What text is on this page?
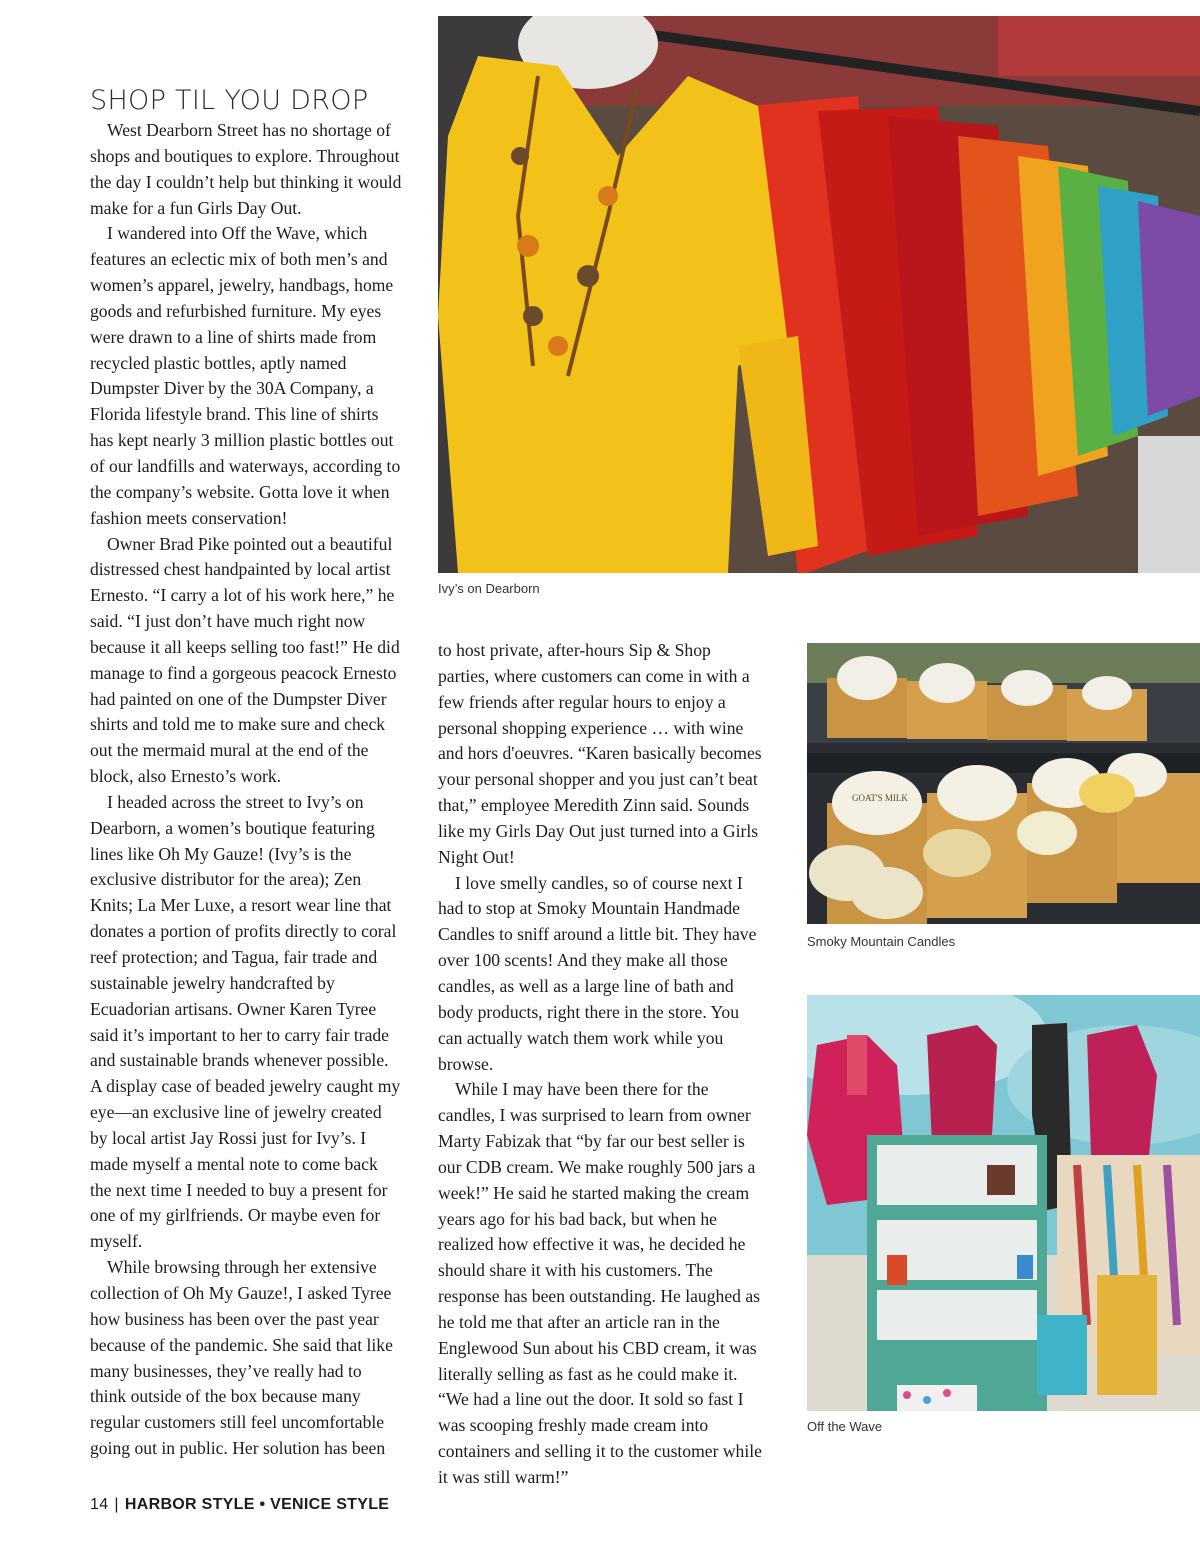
SHOP TIL YOU DROP

West Dearborn Street has no shortage of shops and boutiques to explore. Throughout the day I couldn’t help but thinking it would make for a fun Girls Day Out.

I wandered into Off the Wave, which features an eclectic mix of both men’s and women’s apparel, jewelry, handbags, home goods and refurbished furniture. My eyes were drawn to a line of shirts made from recycled plastic bottles, aptly named Dumpster Diver by the 30A Company, a Florida lifestyle brand. This line of shirts has kept nearly 3 million plastic bottles out of our landfills and waterways, according to the company’s website. Gotta love it when fashion meets conservation!

Owner Brad Pike pointed out a beautiful distressed chest handpainted by local artist Ernesto. “I carry a lot of his work here,” he said. “I just don’t have much right now because it all keeps selling too fast!” He did manage to find a gorgeous peacock Ernesto had painted on one of the Dumpster Diver shirts and told me to make sure and check out the mermaid mural at the end of the block, also Ernesto’s work.

I headed across the street to Ivy’s on Dearborn, a women’s boutique featuring lines like Oh My Gauze! (Ivy’s is the exclusive distributor for the area); Zen Knits; La Mer Luxe, a resort wear line that donates a portion of profits directly to coral reef protection; and Tagua, fair trade and sustainable jewelry handcrafted by Ecuadorian artisans. Owner Karen Tyree said it’s important to her to carry fair trade and sustainable brands whenever possible. A display case of beaded jewelry caught my eye—an exclusive line of jewelry created by local artist Jay Rossi just for Ivy’s. I made myself a mental note to come back the next time I needed to buy a present for one of my girlfriends. Or maybe even for myself.

While browsing through her extensive collection of Oh My Gauze!, I asked Tyree how business has been over the past year because of the pandemic. She said that like many businesses, they’ve really had to think outside of the box because many regular customers still feel uncomfortable going out in public. Her solution has been

Ivy’s on Dearborn

to host private, after-hours Sip & Shop parties, where customers can come in with a few friends after regular hours to enjoy a personal shopping experience … with wine and hors d'oeuvres. “Karen basically becomes your personal shopper and you just can’t beat that,” employee Meredith Zinn said. Sounds like my Girls Day Out just turned into a Girls Night Out!

I love smelly candles, so of course next I had to stop at Smoky Mountain Handmade Candles to sniff around a little bit. They have over 100 scents! And they make all those candles, as well as a large line of bath and body products, right there in the store. You can actually watch them work while you browse.

While I may have been there for the candles, I was surprised to learn from owner Marty Fabizak that “by far our best seller is our CDB cream. We make roughly 500 jars a week!” He said he started making the cream years ago for his bad back, but when he realized how effective it was, he decided he should share it with his customers. The response has been outstanding. He laughed as he told me that after an article ran in the Englewood Sun about his CBD cream, it was literally selling as fast as he could make it. “We had a line out the door. It sold so fast I was scooping freshly made cream into containers and selling it to the customer while it was still warm!”

GOAT'S MILK
Smoky Mountain Candles
Off the Wave
14 | HARBOR STYLE • VENICE STYLE
